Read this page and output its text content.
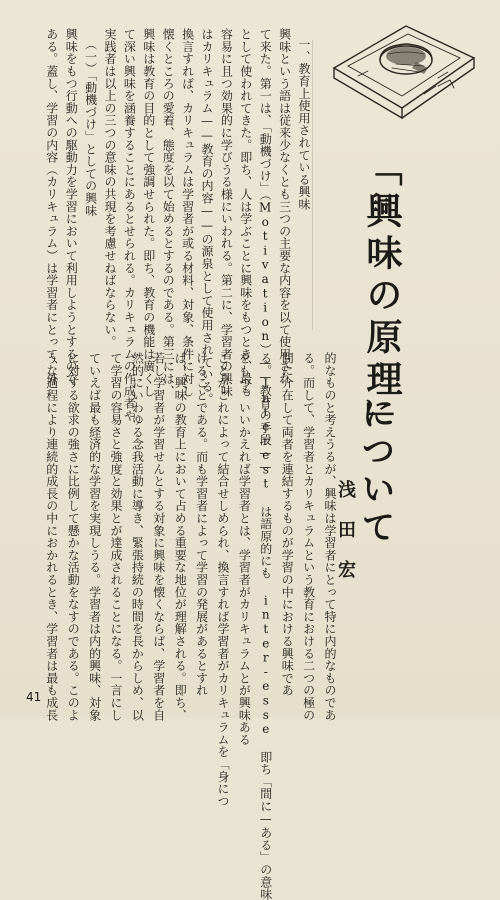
「興味の原理」
について
浅田宏
一、教育上使用されている興味
興味という語は従来少なくとも三つの主要な内容を以て使用され
て来た。第一は、「動機づけ」（Motivation）——教育の手段——
として使われてきた。即ち、人は学ぶことに興味をもつとき、最も
容易に且つ効果的に学びうる様にいわれる。第二に、学習者の興味
はカリキュラム——教育の内容——の源泉として使用されている。
換言すれば、カリキュラムは学習者が或る材料、対象、条件に対し
懐くところの愛着、態度を以て始めるとするのである。第三には、
興味は教育の目的として強調せられた。即ち、教育の機能は廣くし
て深い興味を涵養することにあるとせられる。カリキュラムの作成者や
実践者は以上の三つの意味の共現を考慮せねばならない。
（一）「動機づけ」としての興味
興味をもつ行動への駆動力を学習において利用しようとするので
ある。蓋し、学習の内容（カリキュラム）は学習者にとって、外
的なものと考えうるが、興味は学習者にとって特に内的なものであ
る。而して、学習者とカリキュラムという教育における二つの極の
間に介在して両者を連結するものが学習の中における興味であ
る。Interest は語原的にも inter-esse 即ち「間に—ある」の意味
をもつ。いいかえれば学習者とは、学習者がカリキュラムとが興味ある
ことがこれによって結合せしめられ、換言すれば学習者がカリキュラムを「身につ
けることである。而も学習者によって学習の発展があるとすれ
ば、興味の教育上において占める重要な地位が理解される。即ち、
若し学習者が学習せんとする対象に興味を懐くならば、学習者を自
然的にいわゆる念我活動に導き、緊張持続の時間を長からしめ、以
て学習の容易さと強度と効果とが達成されることになる。一言にし
ていえば最も経済的な学習を実現しうる。学習者は内的興味、対象
に対する欲求の強さに比例して懸かな活動をなすのである。このよ
うな過程により連続的成長の中におかれるとき、学習者は最も成長
41
